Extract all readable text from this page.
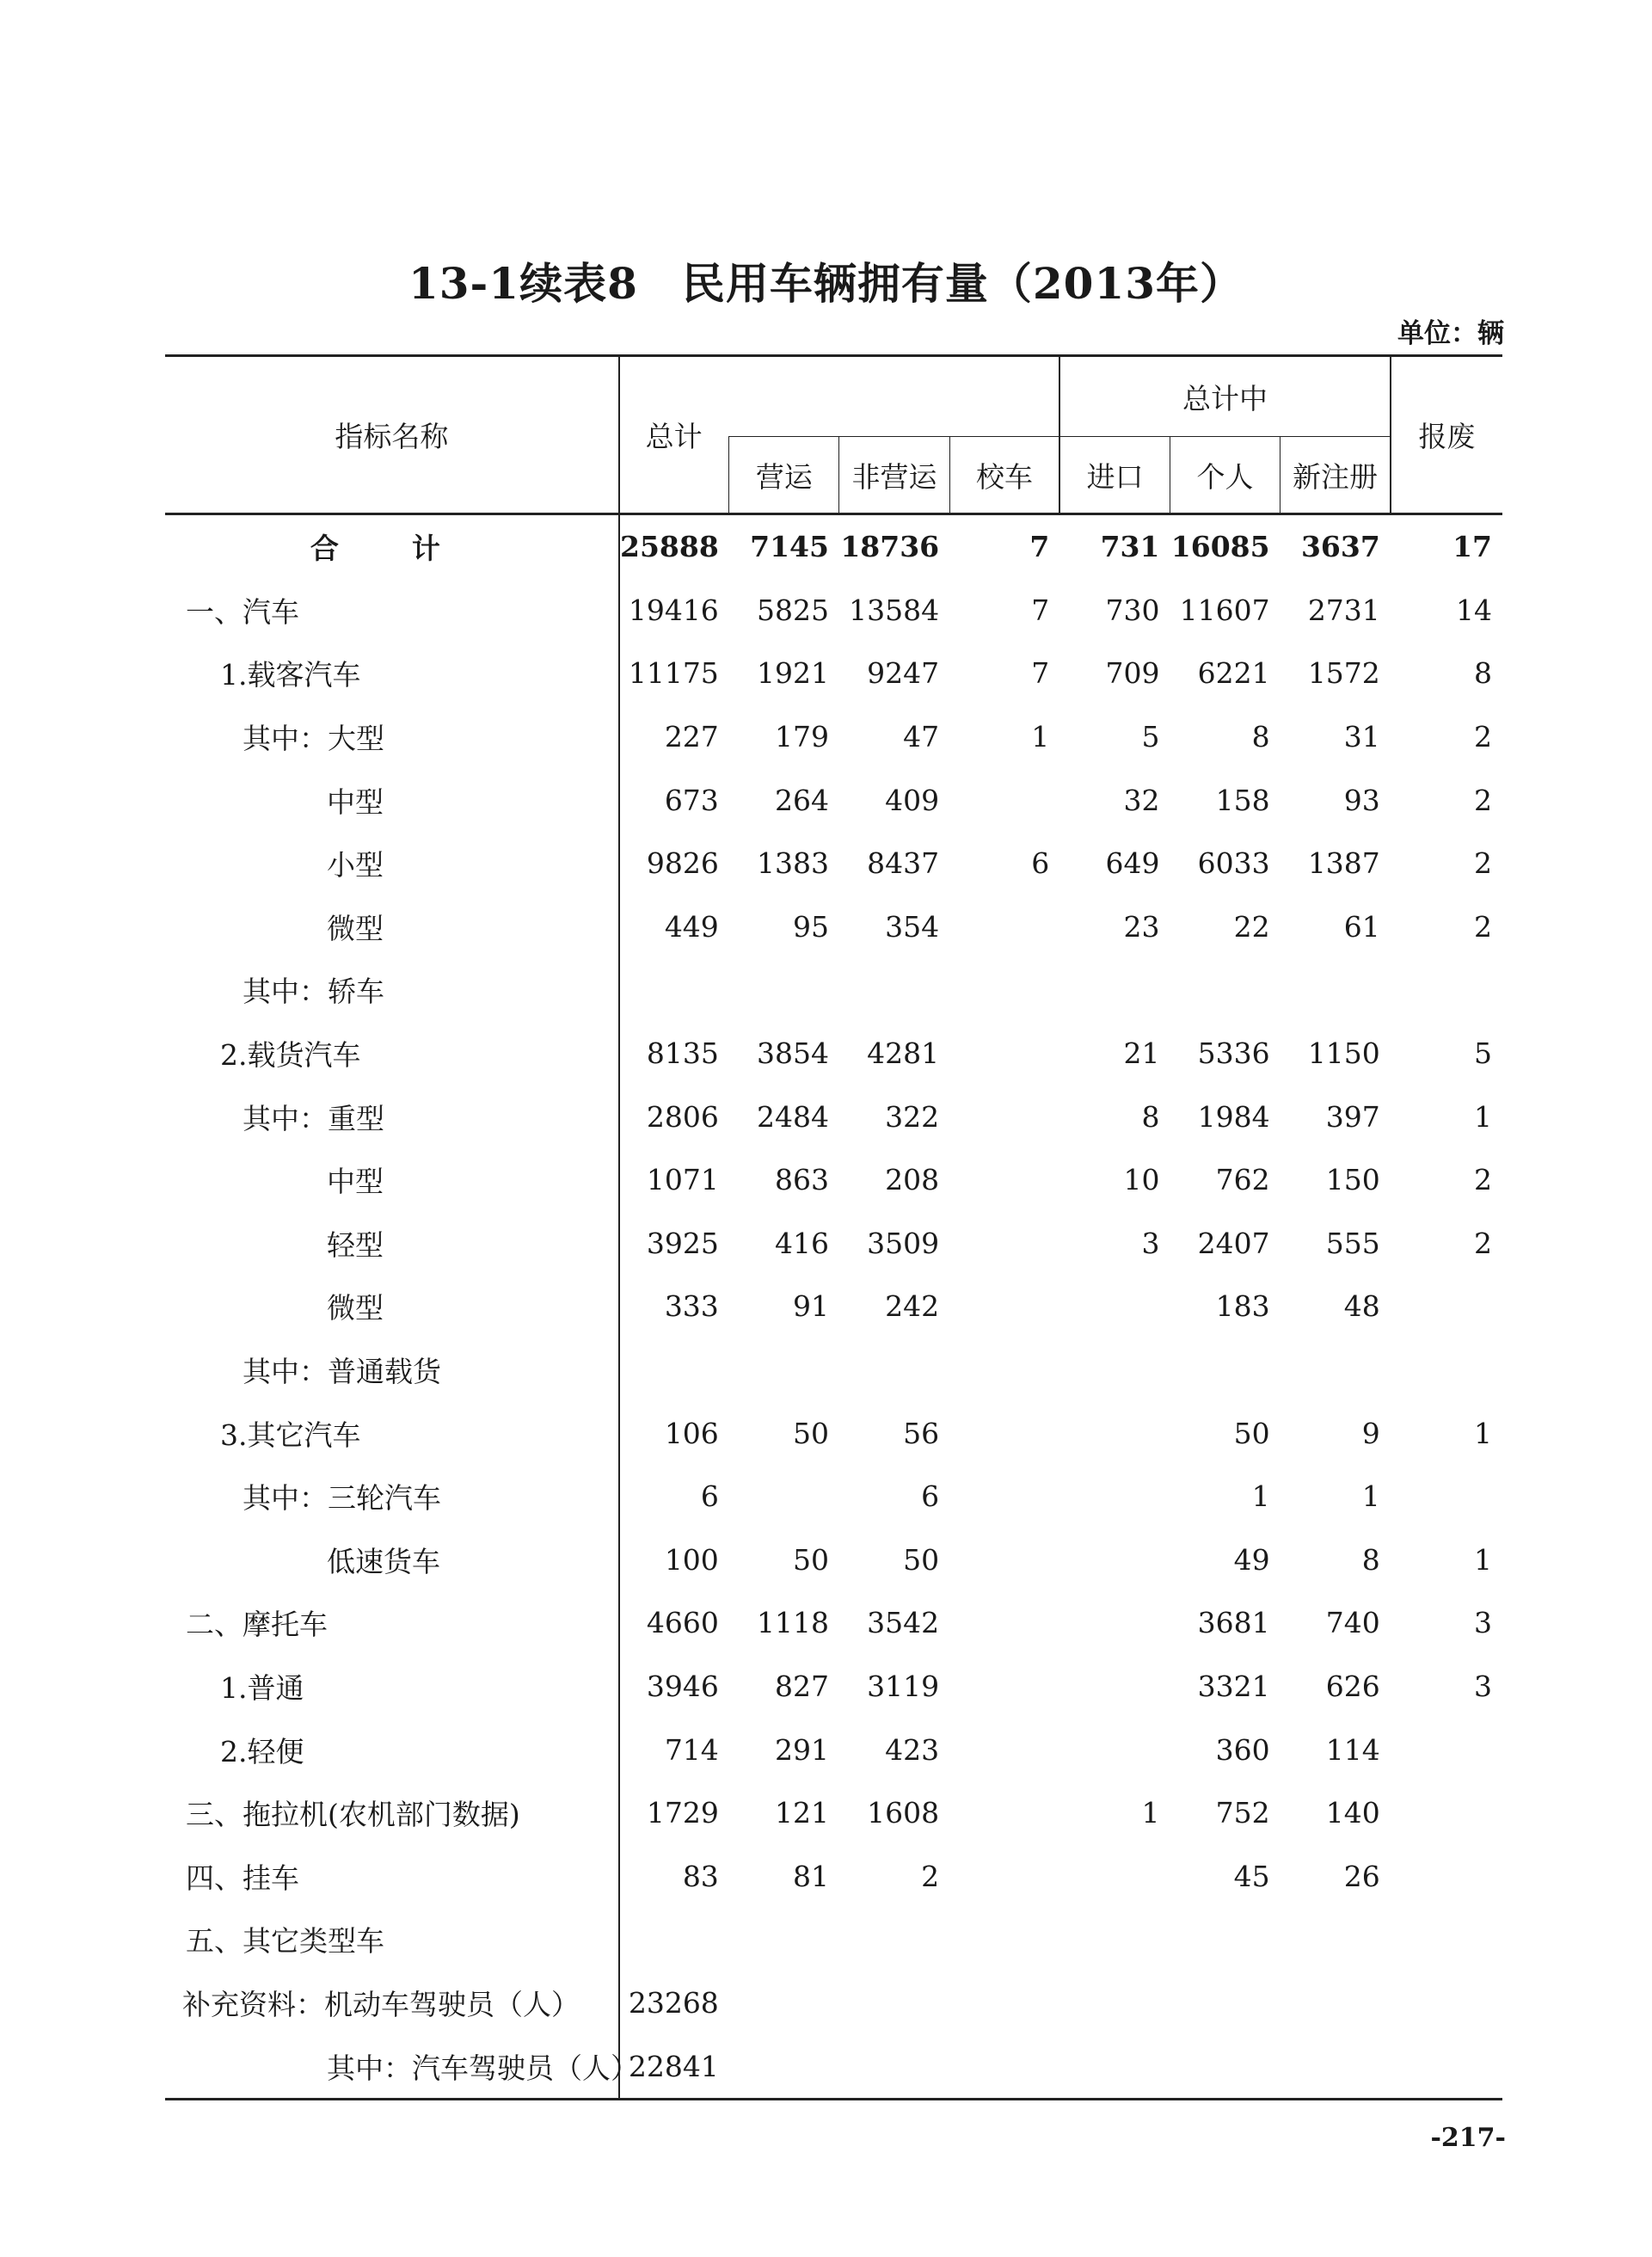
13-1续表8　民用车辆拥有量（2013年）
单位：辆
指标名称	总计				总计中			报废
		营运	非营运	校车	进口	个人	新注册	
合　计	25888	7145	18736	7	731	16085	3637	17
一、汽车	19416	5825	13584	7	730	11607	2731	14
1.载客汽车	11175	1921	9247	7	709	6221	1572	8
其中：大型	227	179	47	1	5	8	31	2
中型	673	264	409		32	158	93	2
小型	9826	1383	8437	6	649	6033	1387	2
微型	449	95	354		23	22	61	2
其中：轿车								
2.载货汽车	8135	3854	4281		21	5336	1150	5
其中：重型	2806	2484	322		8	1984	397	1
中型	1071	863	208		10	762	150	2
轻型	3925	416	3509		3	2407	555	2
微型	333	91	242			183	48	
其中：普通载货								
3.其它汽车	106	50	56			50	9	1
其中：三轮汽车	6		6			1	1	
低速货车	100	50	50			49	8	1
二、摩托车	4660	1118	3542			3681	740	3
1.普通	3946	827	3119			3321	626	3
2.轻便	714	291	423			360	114	
三、拖拉机(农机部门数据)	1729	121	1608		1	752	140	
四、挂车	83	81	2			45	26	
五、其它类型车								
补充资料：机动车驾驶员（人）	23268							
其中：汽车驾驶员（人）	22841							
-217-
